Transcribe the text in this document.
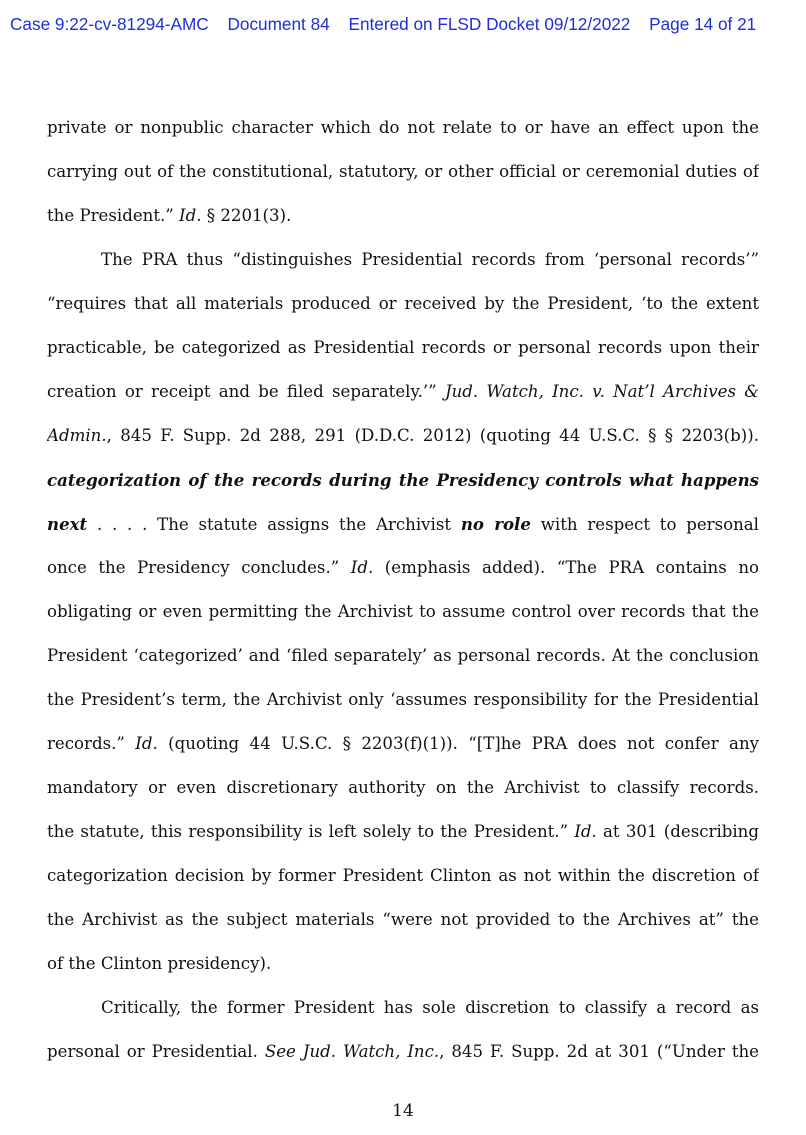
Case 9:22-cv-81294-AMC Document 84 Entered on FLSD Docket 09/12/2022 Page 14 of 21
private or nonpublic character which do not relate to or have an effect upon the
carrying out of the constitutional, statutory, or other official or ceremonial duties of
the President.” Id. § 2201(3).
The PRA thus “distinguishes Presidential records from ‘personal records’”
“requires that all materials produced or received by the President, ‘to the extent
practicable, be categorized as Presidential records or personal records upon their
creation or receipt and be filed separately.’” Jud. Watch, Inc. v. Nat’l Archives &
Admin., 845 F. Supp. 2d 288, 291 (D.D.C. 2012) (quoting 44 U.S.C. § § 2203(b)).
categorization of the records during the Presidency controls what happens
next . . . . The statute assigns the Archivist no role with respect to personal
once the Presidency concludes.” Id. (emphasis added). “The PRA contains no
obligating or even permitting the Archivist to assume control over records that the
President ‘categorized’ and ‘filed separately’ as personal records. At the conclusion
the President’s term, the Archivist only ‘assumes responsibility for the Presidential
records.” Id. (quoting 44 U.S.C. § 2203(f)(1)). “[T]he PRA does not confer any
mandatory or even discretionary authority on the Archivist to classify records.
the statute, this responsibility is left solely to the President.” Id. at 301 (describing
categorization decision by former President Clinton as not within the discretion of
the Archivist as the subject materials “were not provided to the Archives at” the
of the Clinton presidency).
Critically, the former President has sole discretion to classify a record as
personal or Presidential. See Jud. Watch, Inc., 845 F. Supp. 2d at 301 (“Under the
14
